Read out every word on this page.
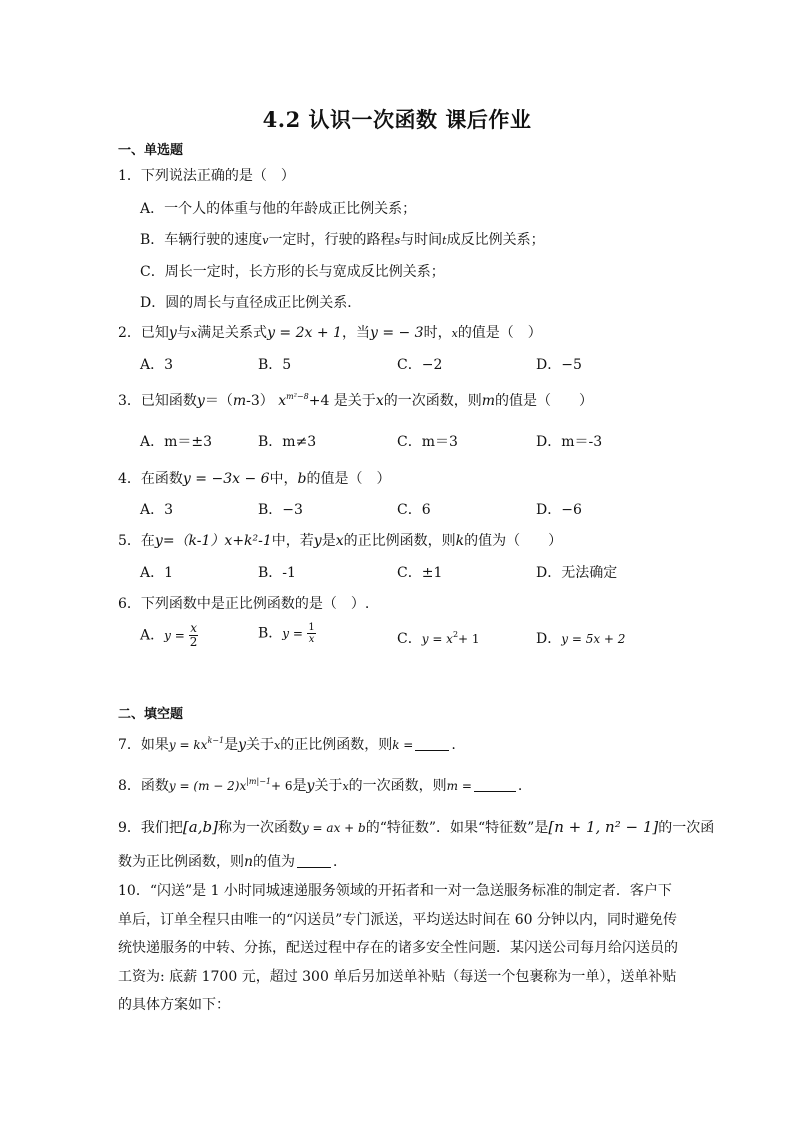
4.2 认识一次函数 课后作业
一、单选题
1．下列说法正确的是（　）
A．一个人的体重与他的年龄成正比例关系；
B．车辆行驶的速度v一定时，行驶的路程s与时间t成反比例关系；
C．周长一定时，长方形的长与宽成反比例关系；
D．圆的周长与直径成正比例关系．
2．已知y与x满足关系式y = 2x + 1，当y = − 3时，x的值是（　）
A．3	B．5	C．−2	D．−5
3．已知函数y＝（m-3） $x^{m^2-8}+4$ 是关于x的一次函数，则m的值是（　　）
A．m＝±3	B．m≠3	C．m＝3	D．m＝-3
4．在函数y = −3x − 6中，b的值是（　）
A．3	B．−3	C．6	D．−6
5．在y=（k-1）x+k²-1中，若y是x的正比例函数，则k的值为（　　）
A．1	B．-1	C．±1	D．无法确定
6．下列函数中是正比例函数的是（　）.
A．$y = \frac{x}{2}$	B．$y = \frac{1}{x}$	C．$y = x^2+ 1$	D．y = 5x + 2
二、填空题
7．如果$y = kx^{k-1}$是y关于x的正比例函数，则k =	.
8．函数$y = (m - 2)x^{|m|-1}+ 6$是y关于x的一次函数，则m =	.
9．我们把[a,b]称为一次函数y = ax + b的“特征数”．如果“特征数”是[n + 1, n² − 1]的一次函
数为正比例函数，则n的值为	．
10．“闪送”是 1 小时同城速递服务领域的开拓者和一对一急送服务标准的制定者．客户下单后，订单全程只由唯一的“闪送员”专门派送，平均送达时间在 60 分钟以内，同时避免传统快递服务的中转、分拣，配送过程中存在的诸多安全性问题．某闪送公司每月给闪送员的工资为: 底薪 1700 元，超过 300 单后另加送单补贴（每送一个包裹称为一单），送单补贴的具体方案如下：
